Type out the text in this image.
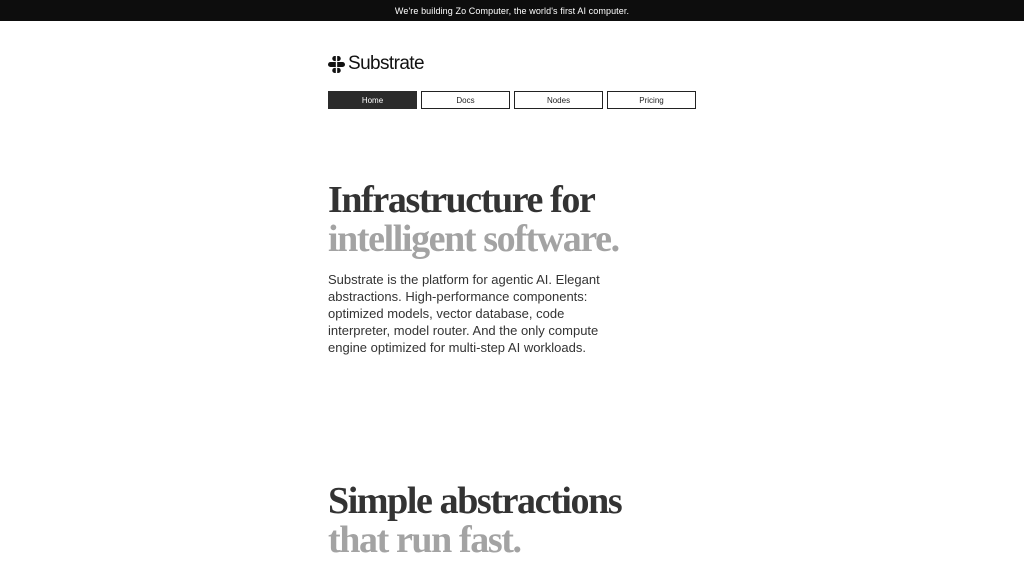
We're building Zo Computer, the world's first AI computer.
Substrate
Home	Docs	Nodes	Pricing
Infrastructure for
intelligent software.

Substrate is the platform for agentic AI. Elegant abstractions. High-performance components: optimized models, vector database, code interpreter, model router. And the only compute engine optimized for multi-step AI workloads.

Simple abstractions
that run fast.
